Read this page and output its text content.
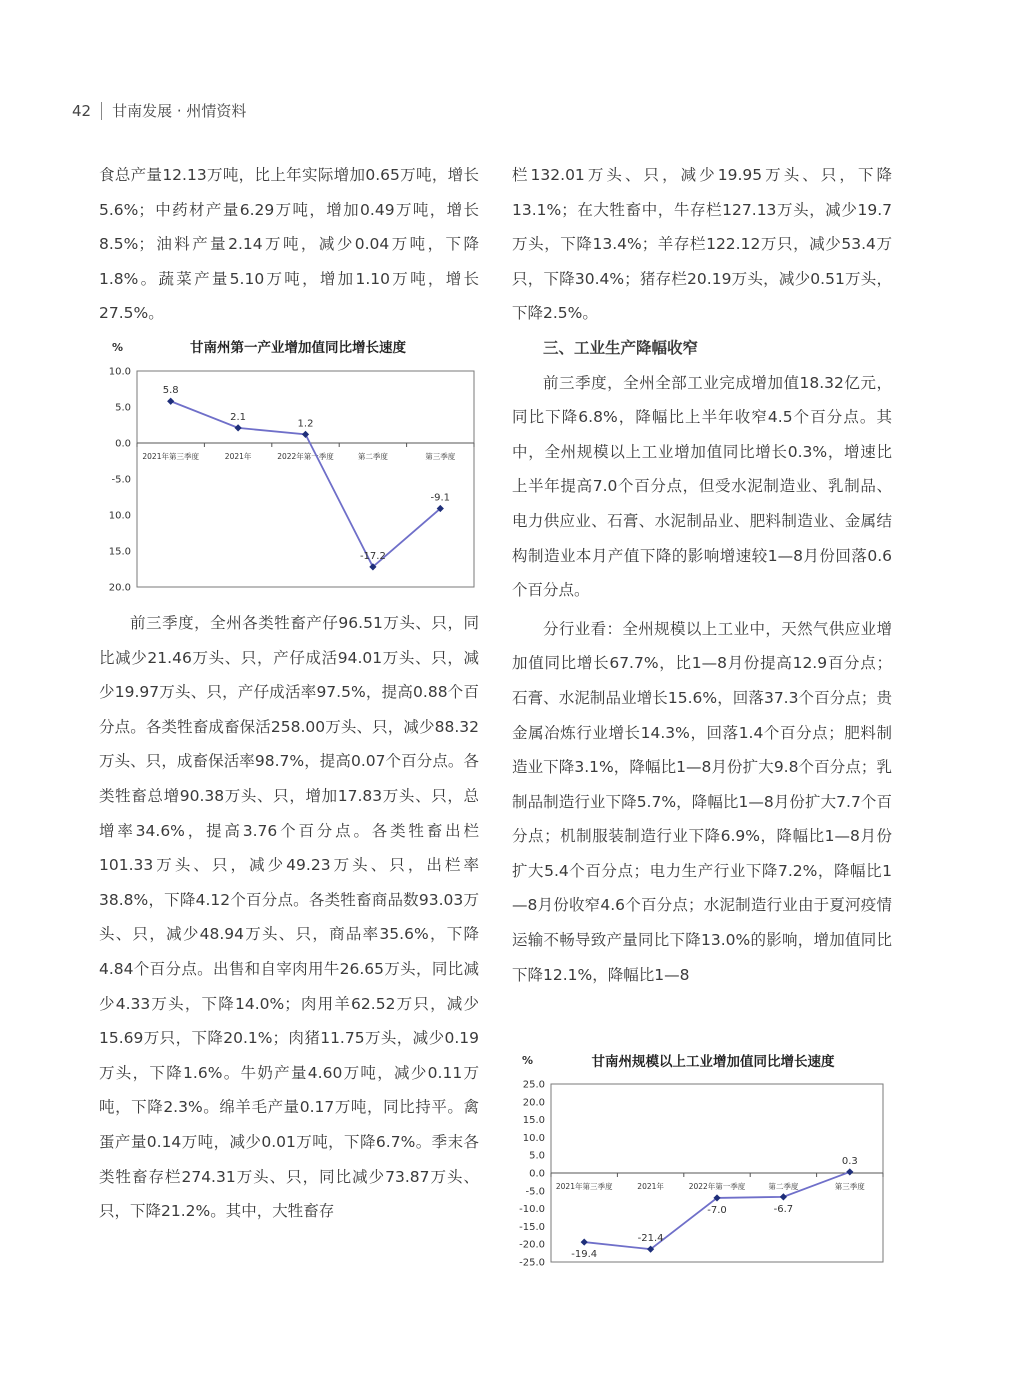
42 甘南发展 · 州情资料

食总产量12.13万吨，比上年实际增加0.65万吨，增长5.6%；中药材产量6.29万吨，增加0.49万吨，增长8.5%；油料产量2.14万吨，减少0.04万吨，下降1.8%。蔬菜产量5.10万吨，增加1.10万吨，增长27.5%。

甘南州第一产业增加值同比增长速度
%
10.0
5.0
0.0
-5.0
10.0
15.0
20.0
2021年第三季度	2021年	2022年第一季度	第二季度	第三季度
5.8
2.1
1.2
-17.2
-9.1

前三季度，全州各类牲畜产仔96.51万头、只，同比减少21.46万头、只，产仔成活94.01万头、只，减少19.97万头、只，产仔成活率97.5%，提高0.88个百分点。各类牲畜成畜保活258.00万头、只，减少88.32万头、只，成畜保活率98.7%，提高0.07个百分点。各类牲畜总增90.38万头、只，增加17.83万头、只，总增率34.6%，提高3.76个百分点。各类牲畜出栏101.33万头、只，减少49.23万头、只，出栏率38.8%，下降4.12个百分点。各类牲畜商品数93.03万头、只，减少48.94万头、只，商品率35.6%，下降4.84个百分点。出售和自宰肉用牛26.65万头，同比减少4.33万头，下降14.0%；肉用羊62.52万只，减少15.69万只，下降20.1%；肉猪11.75万头，减少0.19万头，下降1.6%。牛奶产量4.60万吨，减少0.11万吨，下降2.3%。绵羊毛产量0.17万吨，同比持平。禽蛋产量0.14万吨，减少0.01万吨，下降6.7%。季末各类牲畜存栏274.31万头、只，同比减少73.87万头、只，下降21.2%。其中，大牲畜存

栏132.01万头、只，减少19.95万头、只，下降13.1%；在大牲畜中，牛存栏127.13万头，减少19.7万头，下降13.4%；羊存栏122.12万只，减少53.4万只，下降30.4%；猪存栏20.19万头，减少0.51万头，下降2.5%。

三、工业生产降幅收窄

前三季度，全州全部工业完成增加值18.32亿元，同比下降6.8%，降幅比上半年收窄4.5个百分点。其中，全州规模以上工业增加值同比增长0.3%，增速比上半年提高7.0个百分点，但受水泥制造业、乳制品、电力供应业、石膏、水泥制品业、肥料制造业、金属结构制造业本月产值下降的影响增速较1—8月份回落0.6个百分点。

分行业看：全州规模以上工业中，天然气供应业增加值同比增长67.7%，比1—8月份提高12.9百分点；石膏、水泥制品业增长15.6%，回落37.3个百分点；贵金属冶炼行业增长14.3%，回落1.4个百分点；肥料制造业下降3.1%，降幅比1—8月份扩大9.8个百分点；乳制品制造行业下降5.7%，降幅比1—8月份扩大7.7个百分点；机制服装制造行业下降6.9%，降幅比1—8月份扩大5.4个百分点；电力生产行业下降7.2%，降幅比1—8月份收窄4.6个百分点；水泥制造行业由于夏河疫情运输不畅导致产量同比下降13.0%的影响，增加值同比下降12.1%，降幅比1—8

甘南州规模以上工业增加值同比增长速度
%
25.0
20.0
15.0
10.0
5.0
0.0
-5.0
-10.0
-15.0
-20.0
-25.0
2021年第三季度	2021年	2022年第一季度	第二季度	第三季度
-19.4
-21.4
-7.0	-6.7
0.3
